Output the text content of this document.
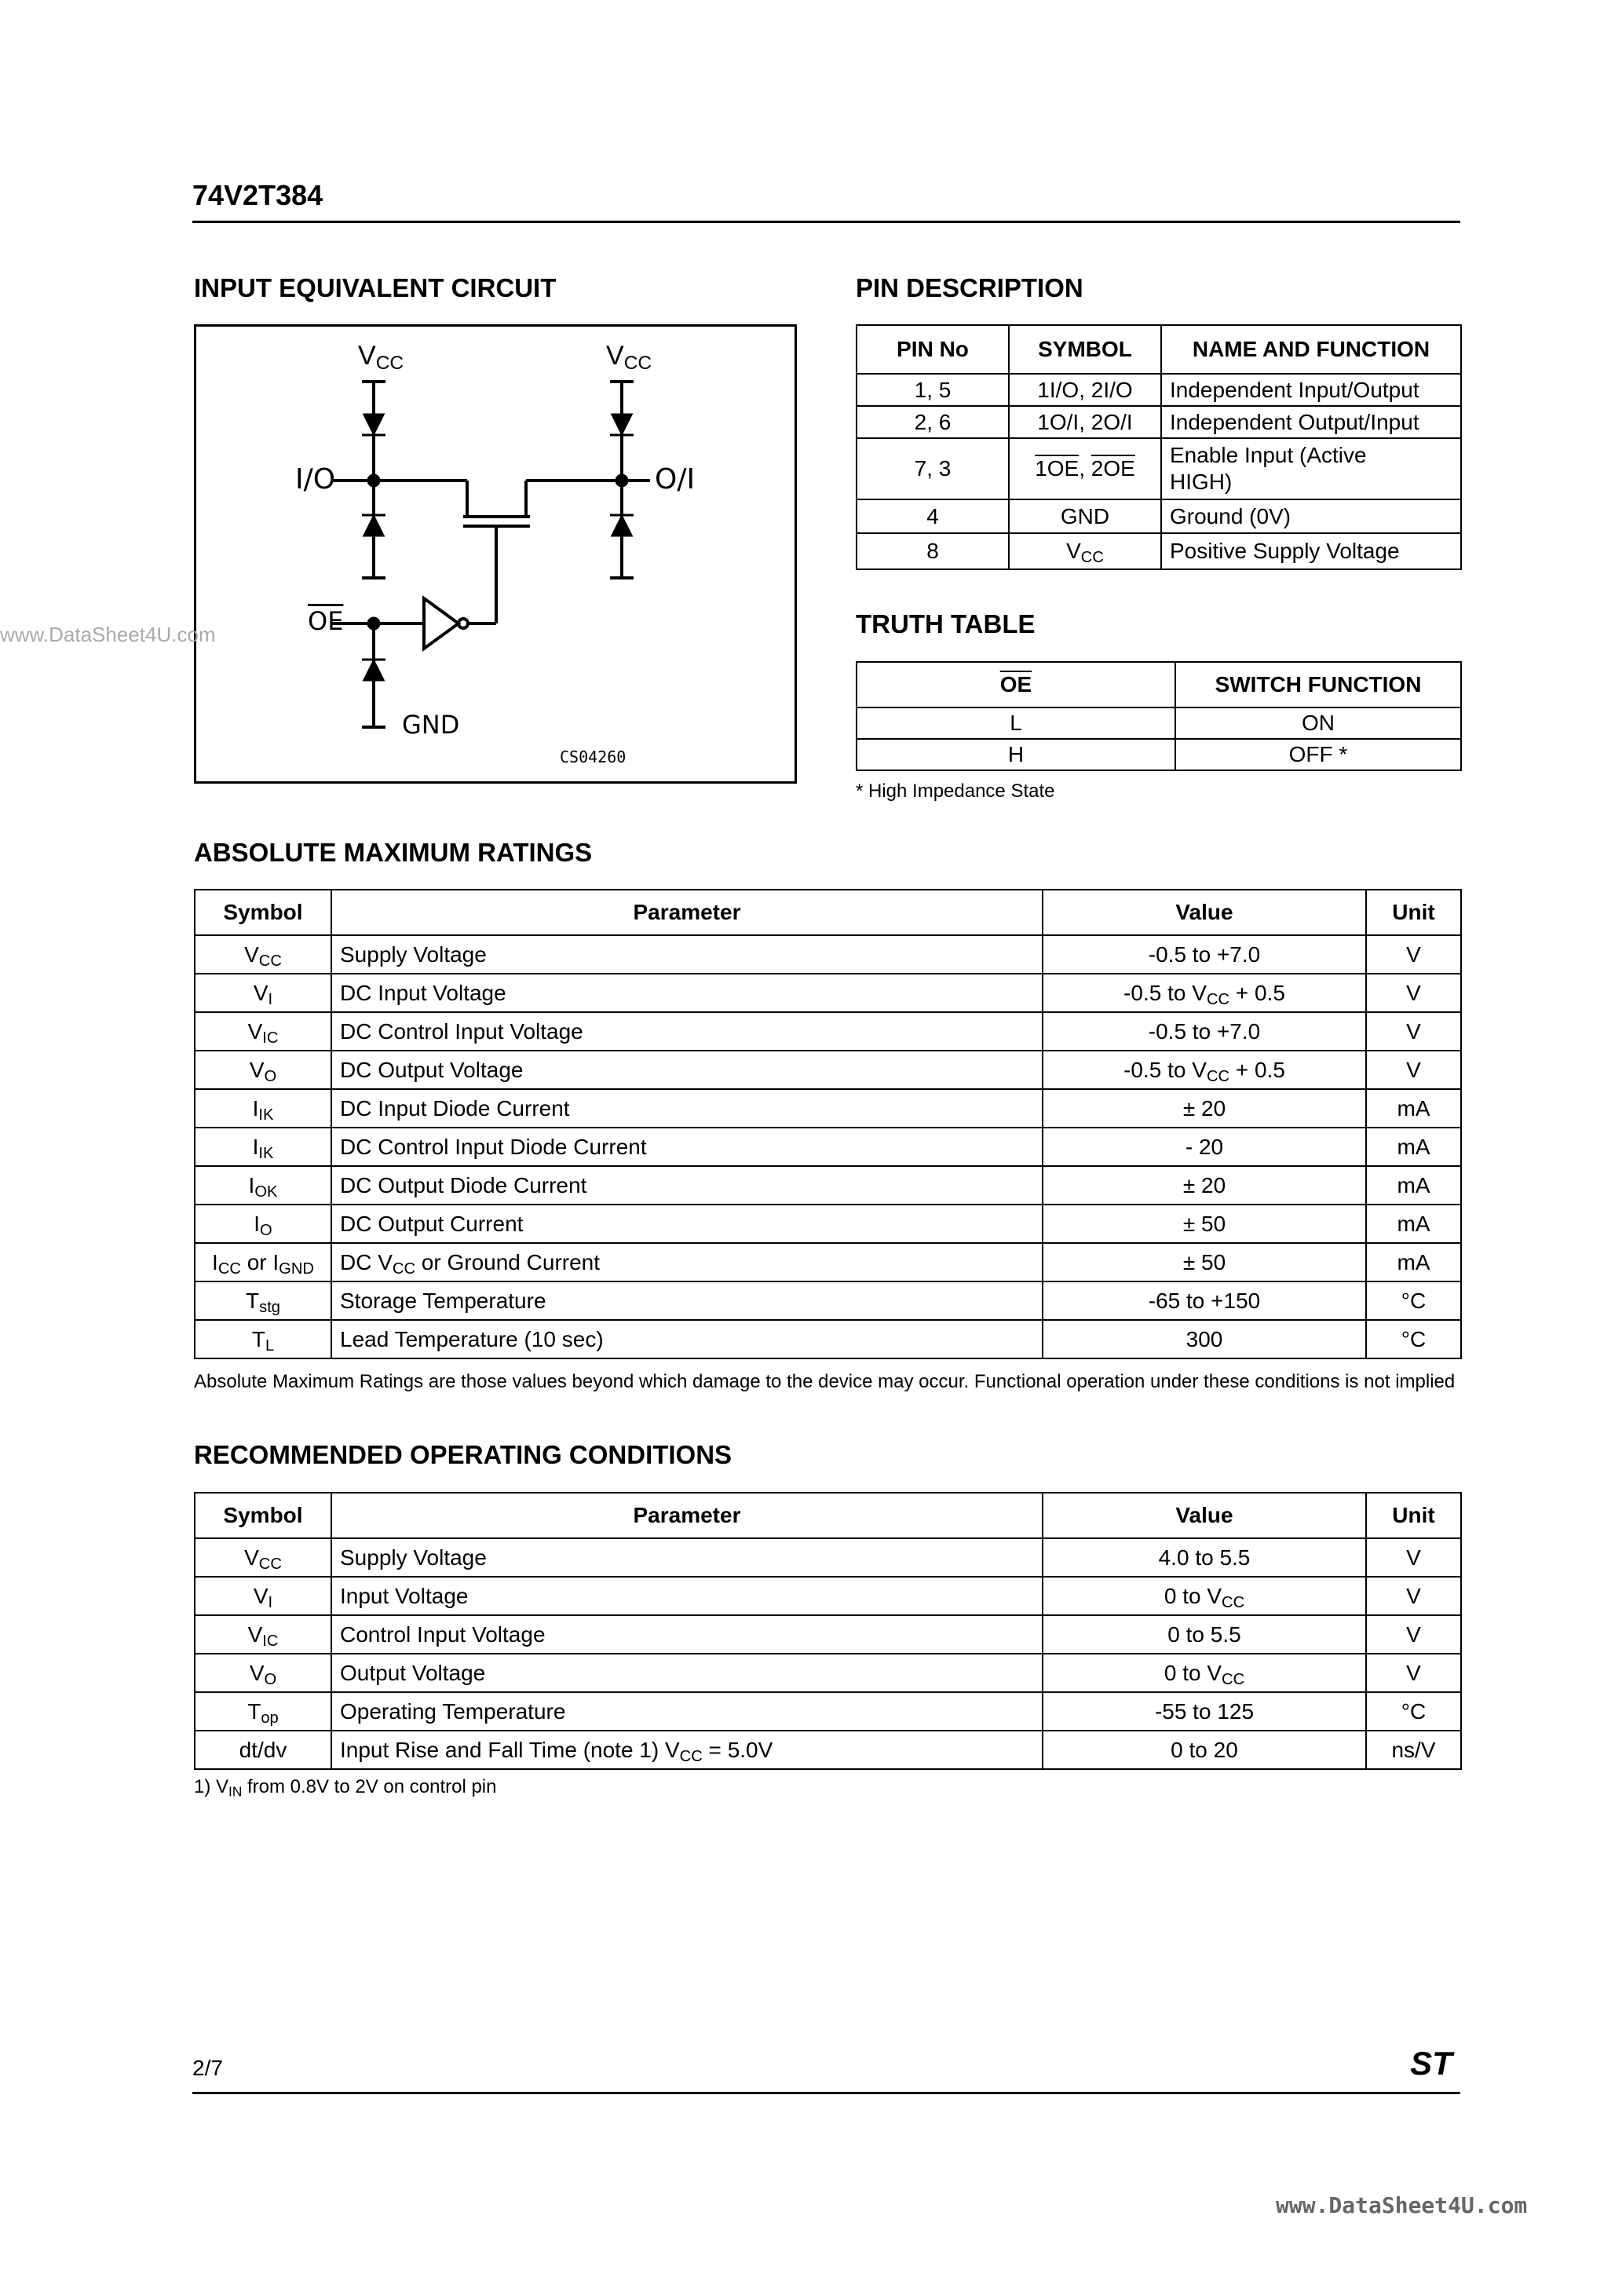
74V2T384
INPUT EQUIVALENT CIRCUIT	PIN DESCRIPTION
$V_{CC}$	$V_{CC}$
I/O	O/I
$\overline{OE}$
GND
CS04260
www.DataSheet4U.com
PIN No	SYMBOL	NAME AND FUNCTION
1, 5	1I/O, 2I/O	Independent Input/Output
2, 6	1O/I, 2O/I	Independent Output/Input
7, 3	1OE, 2OE	Enable Input (Active
HIGH)

4	GND	Ground (0V)
8	$V_{CC}$	Positive Supply Voltage
TRUTH TABLE
$\overline{OE}$	SWITCH FUNCTION
L	ON
H	OFF *
* High Impedance State
ABSOLUTE MAXIMUM RATINGS
Symbol	Parameter	Value	Unit
$V_{CC}$	Supply Voltage	-0.5 to +7.0	V
$V_I$	DC Input Voltage	-0.5 to $V_{CC} + 0.5$	V
$V_{IC}$	DC Control Input Voltage	-0.5 to +7.0	V
$V_O$	DC Output Voltage	-0.5 to $V_{CC} + 0.5$	V
$I_{IK}$	DC Input Diode Current	± 20	mA
$I_{IK}$	DC Control Input Diode Current	- 20	mA
$I_{OK}$	DC Output Diode Current	± 20	mA
$I_O$	DC Output Current	± 50	mA
$I_{CC}$ or $I_{GND}$	DC $V_{CC}$ or Ground Current	± 50	mA
$T_{stg}$	Storage Temperature	-65 to +150	°C
$T_L$	Lead Temperature (10 sec)	300	°C
Absolute Maximum Ratings are those values beyond which damage to the device may occur. Functional operation under these conditions is not implied
RECOMMENDED OPERATING CONDITIONS
Symbol	Parameter	Value	Unit
$V_{CC}$	Supply Voltage	4.0 to 5.5	V
$V_I$	Input Voltage	0 to $V_{CC}$	V
$V_{IC}$	Control Input Voltage	0 to 5.5	V
$V_O$	Output Voltage	0 to $V_{CC}$	V
$T_{op}$	Operating Temperature	-55 to 125	°C
dt/dv	Input Rise and Fall Time (note 1) $V_{CC} = 5.0V$	0 to 20	ns/V
1) $V_{IN}$ from 0.8V to 2V on control pin
2/7	ST
www.DataSheet4U.com
